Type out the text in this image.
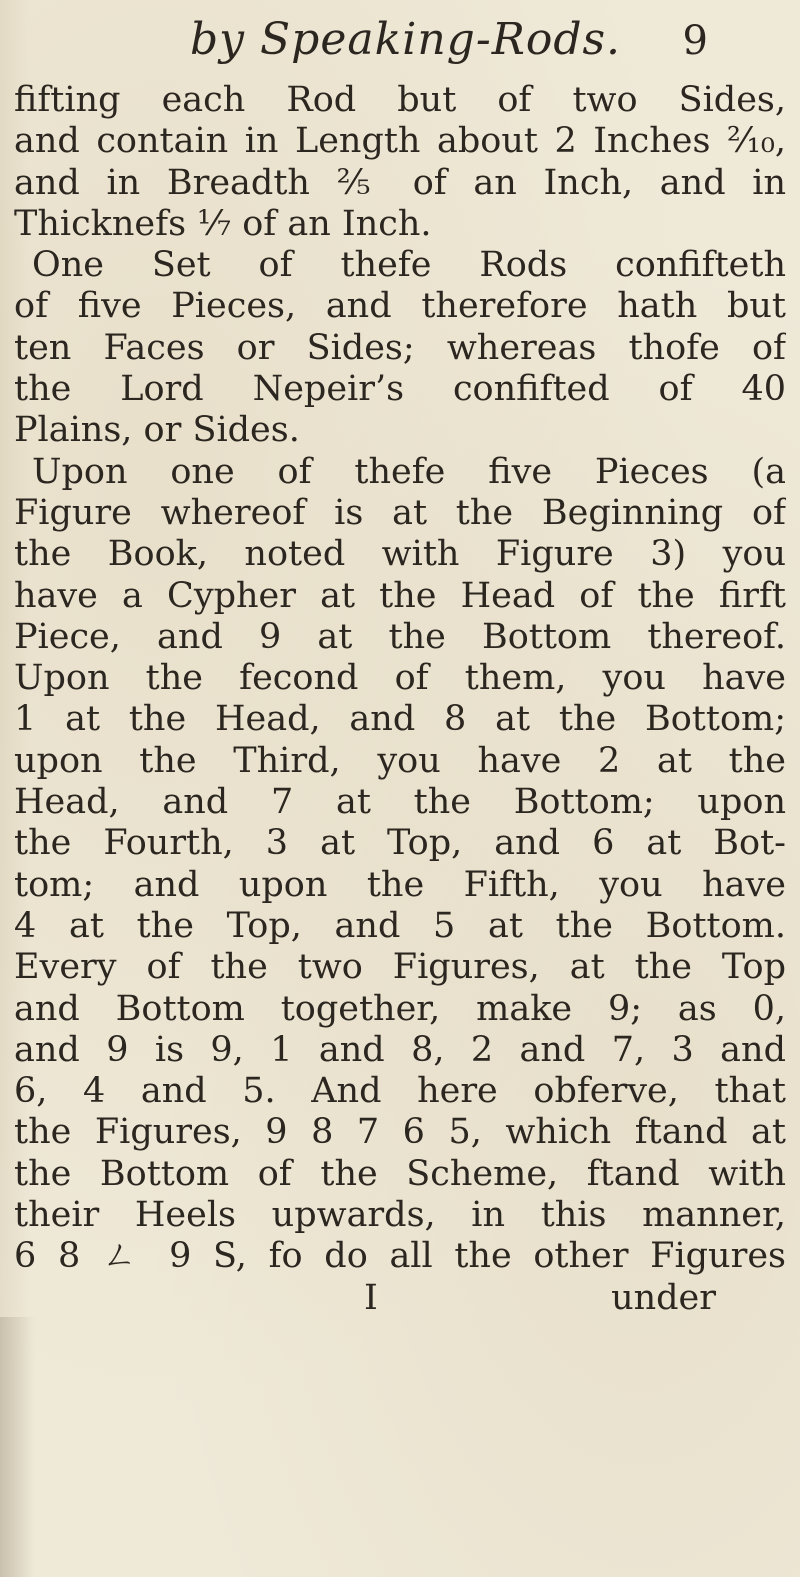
by Speaking-Rods. 9
fifting each Rod but of two Sides,
and contain in Length about 2 Inches ²⁄₁₀,
and in Breadth ⅖ of an Inch, and in
Thicknefs ¹⁄₇ of an Inch.
One Set of thefe Rods confifteth
of five Pieces, and therefore hath but
ten Faces or Sides; whereas thofe of
the Lord Nepeir’s confifted of 40
Plains, or Sides.
Upon one of thefe five Pieces (a
Figure whereof is at the Beginning of
the Book, noted with Figure 3) you
have a Cypher at the Head of the firft
Piece, and 9 at the Bottom thereof.
Upon the fecond of them, you have
1 at the Head, and 8 at the Bottom;
upon the Third, you have 2 at the
Head, and 7 at the Bottom; upon
the Fourth, 3 at Top, and 6 at Bot-
tom; and upon the Fifth, you have
4 at the Top, and 5 at the Bottom.
Every of the two Figures, at the Top
and Bottom together, make 9; as 0,
and 9 is 9, 1 and 8, 2 and 7, 3 and
6, 4 and 5. And here obferve, that
the Figures, 9 8 7 6 5, which ftand at
the Bottom of the Scheme, ftand with
their Heels upwards, in this manner,
6 8 ㄥ 9 S, fo do all the other Figures
I	under
